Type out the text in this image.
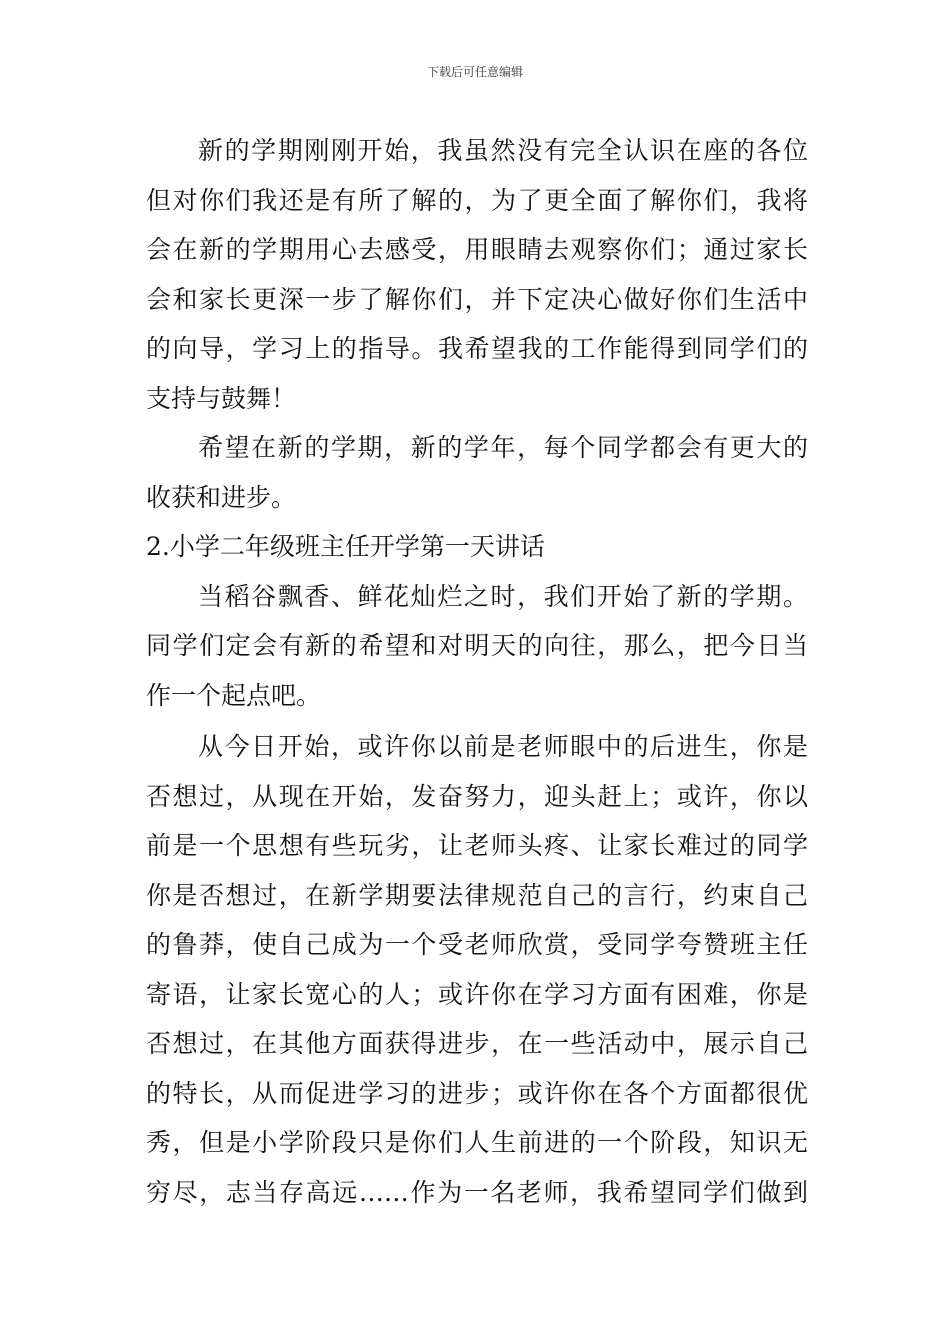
下载后可任意编辑
新的学期刚刚开始，我虽然没有完全认识在座的各位
但对你们我还是有所了解的，为了更全面了解你们，我将
会在新的学期用心去感受，用眼睛去观察你们；通过家长
会和家长更深一步了解你们，并下定决心做好你们生活中
的向导，学习上的指导。我希望我的工作能得到同学们的
支持与鼓舞！
希望在新的学期，新的学年，每个同学都会有更大的
收获和进步。
2.小学二年级班主任开学第一天讲话
当稻谷飘香、鲜花灿烂之时，我们开始了新的学期。
同学们定会有新的希望和对明天的向往，那么，把今日当
作一个起点吧。
从今日开始，或许你以前是老师眼中的后进生，你是
否想过，从现在开始，发奋努力，迎头赶上；或许，你以
前是一个思想有些玩劣，让老师头疼、让家长难过的同学
你是否想过，在新学期要法律规范自己的言行，约束自己
的鲁莽，使自己成为一个受老师欣赏，受同学夸赞班主任
寄语，让家长宽心的人；或许你在学习方面有困难，你是
否想过，在其他方面获得进步，在一些活动中，展示自己
的特长，从而促进学习的进步；或许你在各个方面都很优
秀，但是小学阶段只是你们人生前进的一个阶段，知识无
穷尽，志当存高远……作为一名老师，我希望同学们做到
